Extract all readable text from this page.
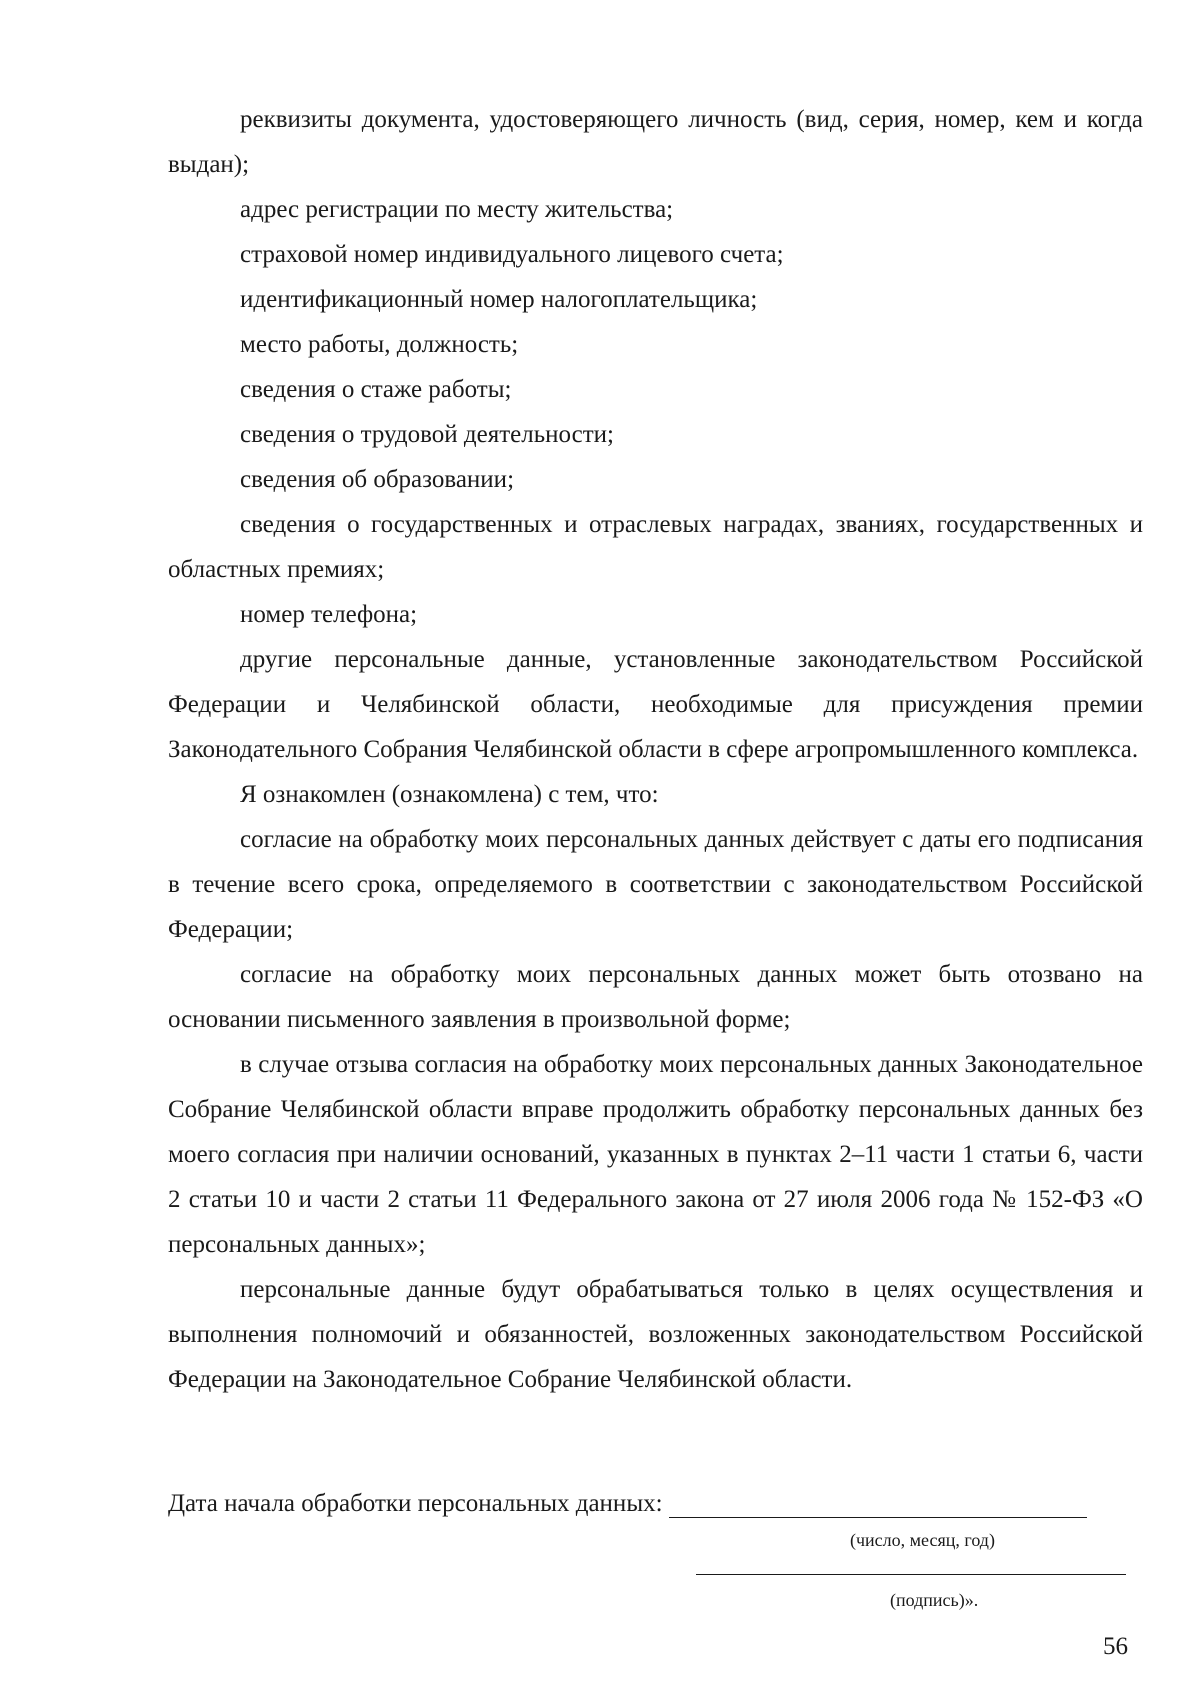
реквизиты документа, удостоверяющего личность (вид, серия, номер, кем и когда выдан);

адрес регистрации по месту жительства;

страховой номер индивидуального лицевого счета;

идентификационный номер налогоплательщика;

место работы, должность;

сведения о стаже работы;

сведения о трудовой деятельности;

сведения об образовании;

сведения о государственных и отраслевых наградах, званиях, государственных и областных премиях;

номер телефона;

другие персональные данные, установленные законодательством Российской Федерации и Челябинской области, необходимые для присуждения премии Законодательного Собрания Челябинской области в сфере агропромышленного комплекса.

Я ознакомлен (ознакомлена) с тем, что:

согласие на обработку моих персональных данных действует с даты его подписания в течение всего срока, определяемого в соответствии с законодательством Российской Федерации;

согласие на обработку моих персональных данных может быть отозвано на основании письменного заявления в произвольной форме;

в случае отзыва согласия на обработку моих персональных данных Законодательное Собрание Челябинской области вправе продолжить обработку персональных данных без моего согласия при наличии оснований, указанных в пунктах 2–11 части 1 статьи 6, части 2 статьи 10 и части 2 статьи 11 Федерального закона от 27 июля 2006 года № 152-ФЗ «О персональных данных»;

персональные данные будут обрабатываться только в целях осуществления и выполнения полномочий и обязанностей, возложенных законодательством Российской Федерации на Законодательное Собрание Челябинской области.

Дата начала обработки персональных данных:
(число, месяц, год)
(подпись)».
56
